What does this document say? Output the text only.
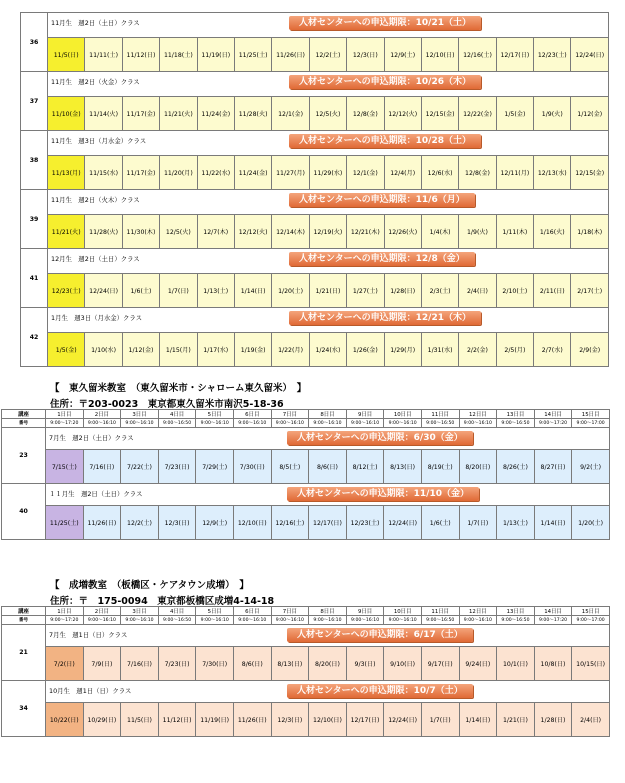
36	11月生　週2日（土日）クラス 人材センターへの申込期限：10/21（土）														

	11/5(日)	11/11(土)	11/12(日)	11/18(土)	11/19(日)	11/25(土)	11/26(日)	12/2(土)	12/3(日)	12/9(土)	12/10(日)	12/16(土)	12/17(日)	12/23(土)	12/24(日)
37	11月生　週2日（火金）クラス 人材センターへの申込期限：10/26（木）														

	11/10(金)	11/14(火)	11/17(金)	11/21(火)	11/24(金)	11/28(火)	12/1(金)	12/5(火)	12/8(金)	12/12(火)	12/15(金)	12/22(金)	1/5(金)	1/9(火)	1/12(金)
38	11月生　週3日（月水金）クラス 人材センターへの申込期限：10/28（土）														

	11/13(月)	11/15(水)	11/17(金)	11/20(月)	11/22(水)	11/24(金)	11/27(月)	11/29(水)	12/1(金)	12/4(月)	12/6(水)	12/8(金)	12/11(月)	12/13(水)	12/15(金)
39	11月生　週2日（火木）クラス 人材センターへの申込期限：11/6（月）														

	11/21(火)	11/28(火)	11/30(木)	12/5(火)	12/7(木)	12/12(火)	12/14(木)	12/19(火)	12/21(木)	12/26(火)	1/4(木)	1/9(火)	1/11(木)	1/16(火)	1/18(木)
41	12月生　週2日（土日）クラス 人材センターへの申込期限：12/8（金）														

	12/23(土)	12/24(日)	1/6(土)	1/7(日)	1/13(土)	1/14(日)	1/20(土)	1/21(日)	1/27(土)	1/28(日)	2/3(土)	2/4(日)	2/10(土)	2/11(日)	2/17(土)
42	1月生　週3日（月水金）クラス 人材センターへの申込期限：12/21（木）														

	1/5(金)	1/10(水)	1/12(金)	1/15(月)	1/17(水)	1/19(金)	1/22(月)	1/24(水)	1/26(金)	1/29(月)	1/31(水)	2/2(金)	2/5(月)	2/7(水)	2/9(金)
【　東久留米教室　（東久留米市・シャローム東久留米）　】
住所：〒203-0023　東京都東久留米市南沢5-18-36
講座	1日目	2日目	3日目	4日目	5日目	6日目	7日目	8日目	9日目	10日目	11日目	12日目	13日目	14日目	15日目
番号	9:00～17:20	9:00～16:10	9:00～16:10	9:00～16:50	9:00～16:10	9:00～16:10	9:00～16:10	9:00～16:10	9:00～16:10	9:00～16:10	9:00～16:50	9:00～16:10	9:00～16:50	9:00～17:20	9:00～17:00
23	7月生　週2日（土日）クラス 人材センターへの申込期限：6/30（金）														

	7/15(土)	7/16(日)	7/22(土)	7/23(日)	7/29(土)	7/30(日)	8/5(土)	8/6(日)	8/12(土)	8/13(日)	8/19(土)	8/20(日)	8/26(土)	8/27(日)	9/2(土)
40	１１月生　週2日（土日）クラス 人材センターへの申込期限：11/10（金）														

	11/25(土)	11/26(日)	12/2(土)	12/3(日)	12/9(土)	12/10(日)	12/16(土)	12/17(日)	12/23(土)	12/24(日)	1/6(土)	1/7(日)	1/13(土)	1/14(日)	1/20(土)
【　成増教室　（板橋区・ケアタウン成増）　】
住所：〒　175-0094　東京都板橋区成増4-14-18
講座	1日目	2日目	3日目	4日目	5日目	6日目	7日目	8日目	9日目	10日目	11日目	12日目	13日目	14日目	15日目
番号	9:00～17:20	9:00～16:10	9:00～16:10	9:00～16:50	9:00～16:10	9:00～16:10	9:00～16:10	9:00～16:10	9:00～16:10	9:00～16:10	9:00～16:50	9:00～16:10	9:00～16:50	9:00～17:20	9:00～17:00
21	7月生　週1日（日）クラス 人材センターへの申込期限：6/17（土）														

	7/2(日)	7/9(日)	7/16(日)	7/23(日)	7/30(日)	8/6(日)	8/13(日)	8/20(日)	9/3(日)	9/10(日)	9/17(日)	9/24(日)	10/1(日)	10/8(日)	10/15(日)
34	10月生　週1日（日）クラス 人材センターへの申込期限：10/7（土）														

	10/22(日)	10/29(日)	11/5(日)	11/12(日)	11/19(日)	11/26(日)	12/3(日)	12/10(日)	12/17(日)	12/24(日)	1/7(日)	1/14(日)	1/21(日)	1/28(日)	2/4(日)
